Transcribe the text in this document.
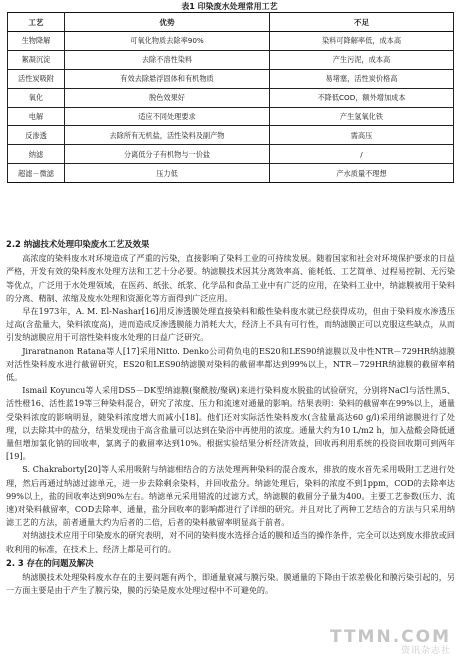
表1 印染废水处理常用工艺
工艺	优势	不足
生物降解	可氧化物质去除率90%	染料可降解率低，成本高
絮凝沉淀	去除不溶性染料	产生污泥，成本高
活性炭吸附	有效去除悬浮固体和有机物质	易堵塞，活性炭价格高
氧化	脱色效果好	不降低COD，额外增加成本
电解	适应不同处理要求	产生氢氧化铁
反渗透	去除所有无机盐，活性染料及副产物	需高压
纳滤	分离低分子有机物与一价盐	/
超滤－微滤	压力低	产水质量不理想
2.2 纳滤技术处理印染废水工艺及效果

高浓度的染料废水对环境造成了严重的污染，直接影响了染料工业的可持续发展。随着国家和社会对环境保护要求的日益严格，开发有效的染料废水处理方法和工艺十分必要。纳滤膜技术因其分离效率高、能耗低、工艺简单、过程易控制、无污染等优点，广泛用于水处理领域，在医药、纸张、纸浆、化学品和食品工业中有广泛的应用，在染料工业中，纳滤膜被用于染料的分离、精制、浓缩及废水处理和资源化等方面得到广泛应用。

早在1973年，A. M. El-Nashar[16]用反渗透膜处理直接染料和酸性染料废水就已经获得成功，但由于染料废水渗透压过高(含盐量大，染料浓度高)，进而造成反渗透膜能力消耗大大，经济上不具有可行性，而纳滤膜正可以克服这些缺点，从而引发纳滤膜应用于可溶性染料废水处理的日益广泛研究。

Jiraratnanon Ratana等人[17]采用Nitto. Denko公司荷负电的ES20和LES90纳滤膜以及中性NTR－729HR纳滤膜对活性染料废水进行截留研究，ES20和LES90纳滤膜对染料的截留率都达到99%以上，NTR－729HR纳滤膜的截留率稍低。

Ismail Koyuncu等人采用DS5－DK型纳滤膜(聚酰胺/聚砜)来进行染料废水脱盐的试验研究，分别将NaCl与活性黑5、活性橙16、活性蓝19等三种染料混合，研究了浓度、压力和流速对通量的影响。结果表明：染料的截留率在99%以上，通量受染料浓度的影响明显，随染料浓度增大而减小[18]。他们还对实际活性染料废水(含盐量高达60 g/l)采用纳滤膜进行了处理，以去除其中的盐分，结果发现由于高含盐量可以达到在染浴中再使用的浓度。通量大约为10 L/m2 h，加入盐酸会降低通量但增加氯化钠的回收率，氯离子的截留率达到10%。根据实验结果分析经济效益，回收再利用系统的投资回收期可到两年[19]。

S. Chakraborty[20]等人采用吸附与纳滤相结合的方法处理两种染料的混合废水，排放的废水首先采用吸附工艺进行处理，然后再通过纳滤过滤单元，进一步去除剩余染料，并回收盐分。纳滤处理后，染料的浓度不到1ppm，COD的去除率达99%以上，盐的回收率达到90%左右。纳滤单元采用错流的过滤方式，纳滤膜的截留分子量为400。主要工艺参数(压力、流速)对染料截留率，COD去除率、通量，盐分回收率的影响都进行了详细的研究。并且对比了两种工艺结合的方法与只采用纳滤工艺的方法，前者通量大约为后者的二倍，后者的染料截留率明显高于前者。

对纳滤技术应用于印染废水的研究表明，对不同的染料废水选择合适的膜和适当的操作条件，完全可以达到废水排放或回收利用的标准，在技术上、经济上都是可行的。

2. 3 存在的问题及解决

纳滤膜技术处理染料废水存在的主要问题有两个，即通量衰减与膜污染。膜通量的下降由于浓差极化和膜污染引起的，另一方面主要是由于产生了膜污染，膜的污染是废水处理过程中不可避免的。

TTMN.COM
资讯杂志社
